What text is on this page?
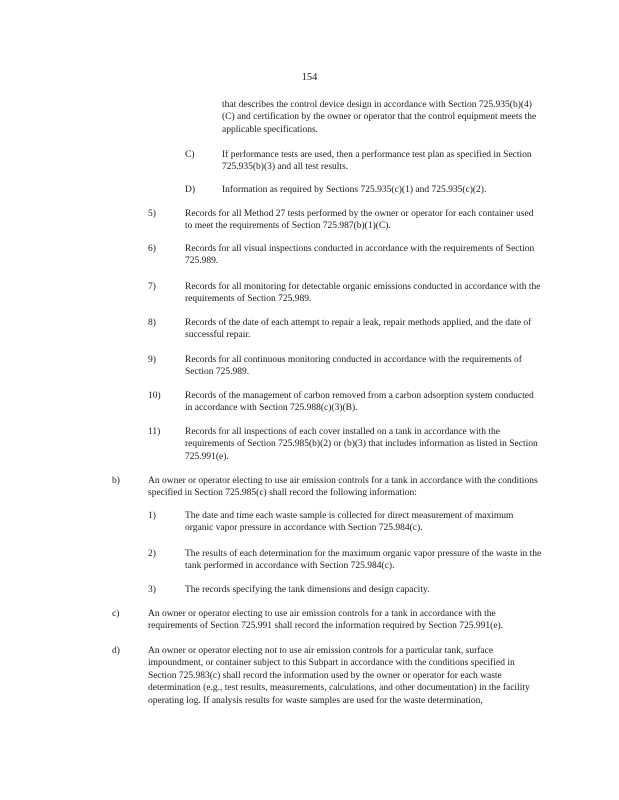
154
that describes the control device design in accordance with Section 725.935(b)(4)(C) and certification by the owner or operator that the control equipment meets the applicable specifications.
C)	If performance tests are used, then a performance test plan as specified in Section 725.935(b)(3) and all test results.
D)	Information as required by Sections 725.935(c)(1) and 725.935(c)(2).
5)	Records for all Method 27 tests performed by the owner or operator for each container used to meet the requirements of Section 725.987(b)(1)(C).
6)	Records for all visual inspections conducted in accordance with the requirements of Section 725.989.
7)	Records for all monitoring for detectable organic emissions conducted in accordance with the requirements of Section 725.989.
8)	Records of the date of each attempt to repair a leak, repair methods applied, and the date of successful repair.
9)	Records for all continuous monitoring conducted in accordance with the requirements of Section 725.989.
10)	Records of the management of carbon removed from a carbon adsorption system conducted in accordance with Section 725.988(c)(3)(B).
11)	Records for all inspections of each cover installed on a tank in accordance with the requirements of Section 725.985(b)(2) or (b)(3) that includes information as listed in Section 725.991(e).
b)	An owner or operator electing to use air emission controls for a tank in accordance with the conditions specified in Section 725.985(c) shall record the following information:
1)	The date and time each waste sample is collected for direct measurement of maximum organic vapor pressure in accordance with Section 725.984(c).
2)	The results of each determination for the maximum organic vapor pressure of the waste in the tank performed in accordance with Section 725.984(c).
3)	The records specifying the tank dimensions and design capacity.
c)	An owner or operator electing to use air emission controls for a tank in accordance with the requirements of Section 725.991 shall record the information required by Section 725.991(e).
d)	An owner or operator electing not to use air emission controls for a particular tank, surface impoundment, or container subject to this Subpart in accordance with the conditions specified in Section 725.983(c) shall record the information used by the owner or operator for each waste determination (e.g., test results, measurements, calculations, and other documentation) in the facility operating log. If analysis results for waste samples are used for the waste determination,
